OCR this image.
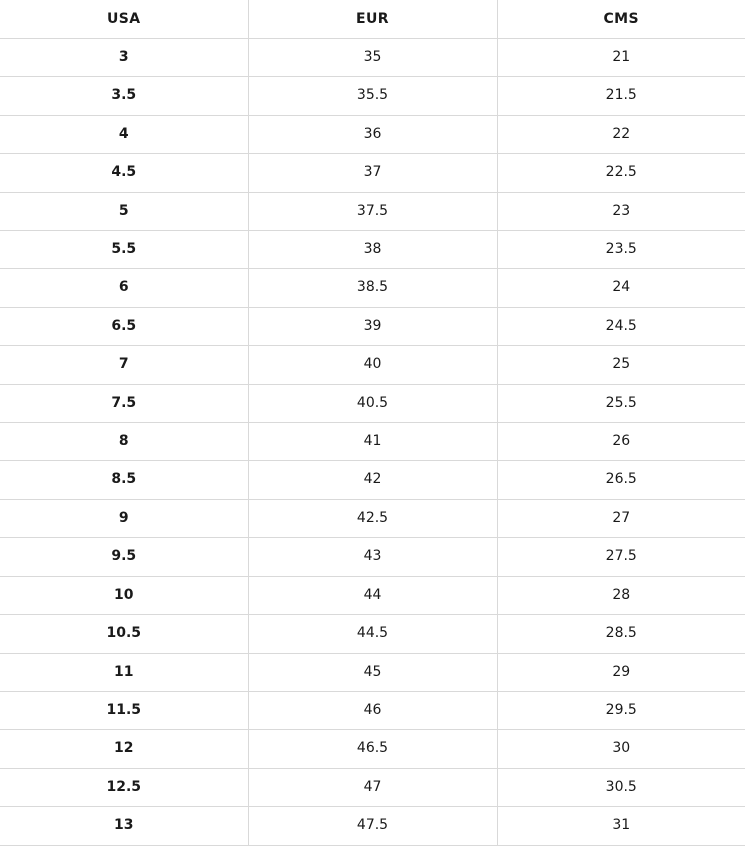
USA	EUR	CMS
3	35	21
3.5	35.5	21.5
4	36	22
4.5	37	22.5
5	37.5	23
5.5	38	23.5
6	38.5	24
6.5	39	24.5
7	40	25
7.5	40.5	25.5
8	41	26
8.5	42	26.5
9	42.5	27
9.5	43	27.5
10	44	28
10.5	44.5	28.5
11	45	29
11.5	46	29.5
12	46.5	30
12.5	47	30.5
13	47.5	31
